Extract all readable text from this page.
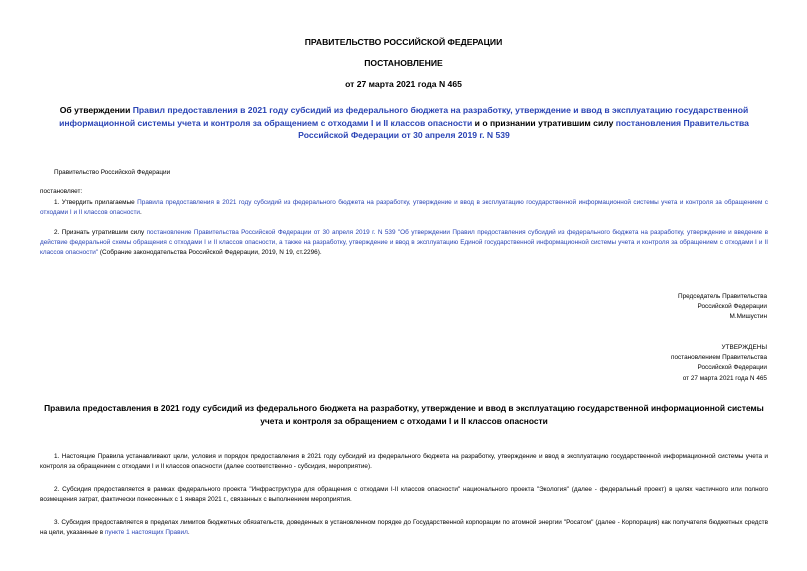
ПРАВИТЕЛЬСТВО РОССИЙСКОЙ ФЕДЕРАЦИИ
ПОСТАНОВЛЕНИЕ
от 27 марта 2021 года N 465
Об утверждении Правил предоставления в 2021 году субсидий из федерального бюджета на разработку, утверждение и ввод в эксплуатацию государственной информационной системы учета и контроля за обращением с отходами I и II классов опасности и о признании утратившим силу постановления Правительства Российской Федерации от 30 апреля 2019 г. N 539
Правительство Российской Федерации
постановляет:
1. Утвердить прилагаемые Правила предоставления в 2021 году субсидий из федерального бюджета на разработку, утверждение и ввод в эксплуатацию государственной информационной системы учета и контроля за обращением с отходами I и II классов опасности.
2. Признать утратившим силу постановление Правительства Российской Федерации от 30 апреля 2019 г. N 539 "Об утверждении Правил предоставления субсидий из федерального бюджета на разработку, утверждение и введение в действие федеральной схемы обращения с отходами I и II классов опасности, а также на разработку, утверждение и ввод в эксплуатацию Единой государственной информационной системы учета и контроля за обращением с отходами I и II классов опасности" (Собрание законодательства Российской Федерации, 2019, N 19, ст.2296).
Председатель Правительства
Российской Федерации
М.Мишустин
УТВЕРЖДЕНЫ
постановлением Правительства
Российской Федерации
от 27 марта 2021 года N 465
Правила предоставления в 2021 году субсидий из федерального бюджета на разработку, утверждение и ввод в эксплуатацию государственной информационной системы учета и контроля за обращением с отходами I и II классов опасности
1. Настоящие Правила устанавливают цели, условия и порядок предоставления в 2021 году субсидий из федерального бюджета на разработку, утверждение и ввод в эксплуатацию государственной информационной системы учета и контроля за обращением с отходами I и II классов опасности (далее соответственно - субсидия, мероприятие).
2. Субсидия предоставляется в рамках федерального проекта "Инфраструктура для обращения с отходами I-II классов опасности" национального проекта "Экология" (далее - федеральный проект) в целях частичного или полного возмещения затрат, фактически понесенных с 1 января 2021 г., связанных с выполнением мероприятия.
3. Субсидия предоставляется в пределах лимитов бюджетных обязательств, доведенных в установленном порядке до Государственной корпорации по атомной энергии "Росатом" (далее - Корпорация) как получателя бюджетных средств на цели, указанные в пункте 1 настоящих Правил.
